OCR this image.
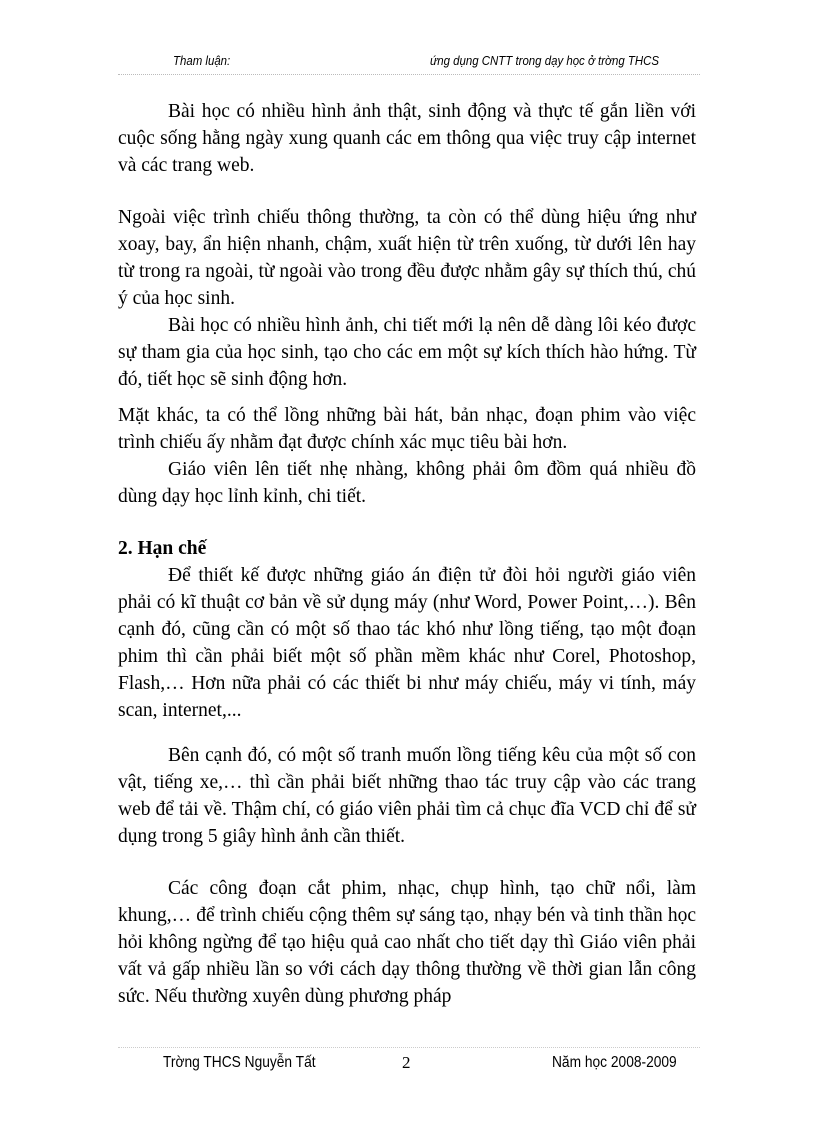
Tham luận:	ứng dụng CNTT trong dạy học ở trờng THCS

Bài học có nhiều hình ảnh thật, sinh động và thực tế gắn liền với cuộc sống hằng ngày xung quanh các em thông qua việc truy cập internet và các trang web.

Ngoài việc trình chiếu thông thường, ta còn có thể dùng hiệu ứng như xoay, bay, ẩn hiện nhanh, chậm, xuất hiện từ trên xuống, từ dưới lên hay từ trong ra ngoài, từ ngoài vào trong đều được nhằm gây sự thích thú, chú ý của học sinh.

Bài học có nhiều hình ảnh, chi tiết mới lạ nên dễ dàng lôi kéo được sự tham gia của học sinh, tạo cho các em một sự kích thích hào hứng. Từ đó, tiết học sẽ sinh động hơn.

Mặt khác, ta có thể lồng những bài hát, bản nhạc, đoạn phim vào việc trình chiếu ấy nhằm đạt được chính xác mục tiêu bài hơn.

Giáo viên lên tiết nhẹ nhàng, không phải ôm đồm quá nhiều đồ dùng dạy học lỉnh kỉnh, chi tiết.

2. Hạn chế

Để thiết kế được những giáo án điện tử đòi hỏi người giáo viên phải có kĩ thuật cơ bản về sử dụng máy (như Word, Power Point,…). Bên cạnh đó, cũng cần có một số thao tác khó như lồng tiếng, tạo một đoạn phim thì cần phải biết một số phần mềm khác như Corel, Photoshop, Flash,… Hơn nữa phải có các thiết bi như máy chiếu, máy vi tính, máy scan, internet,...

Bên cạnh đó, có một số tranh muốn lồng tiếng kêu của một số con vật, tiếng xe,… thì cần phải biết những thao tác truy cập vào các trang web để tải về. Thậm chí, có giáo viên phải tìm cả chục đĩa VCD chỉ để sử dụng trong 5 giây hình ảnh cần thiết.

Các công đoạn cắt phim, nhạc, chụp hình, tạo chữ nổi, làm khung,… để trình chiếu cộng thêm sự sáng tạo, nhạy bén và tinh thần học hỏi không ngừng để tạo hiệu quả cao nhất cho tiết dạy thì Giáo viên phải vất vả gấp nhiều lần so với cách dạy thông thường về thời gian lẫn công sức. Nếu thường xuyên dùng phương pháp

Trờng THCS Nguyễn Tất	2	Năm học 2008-2009
